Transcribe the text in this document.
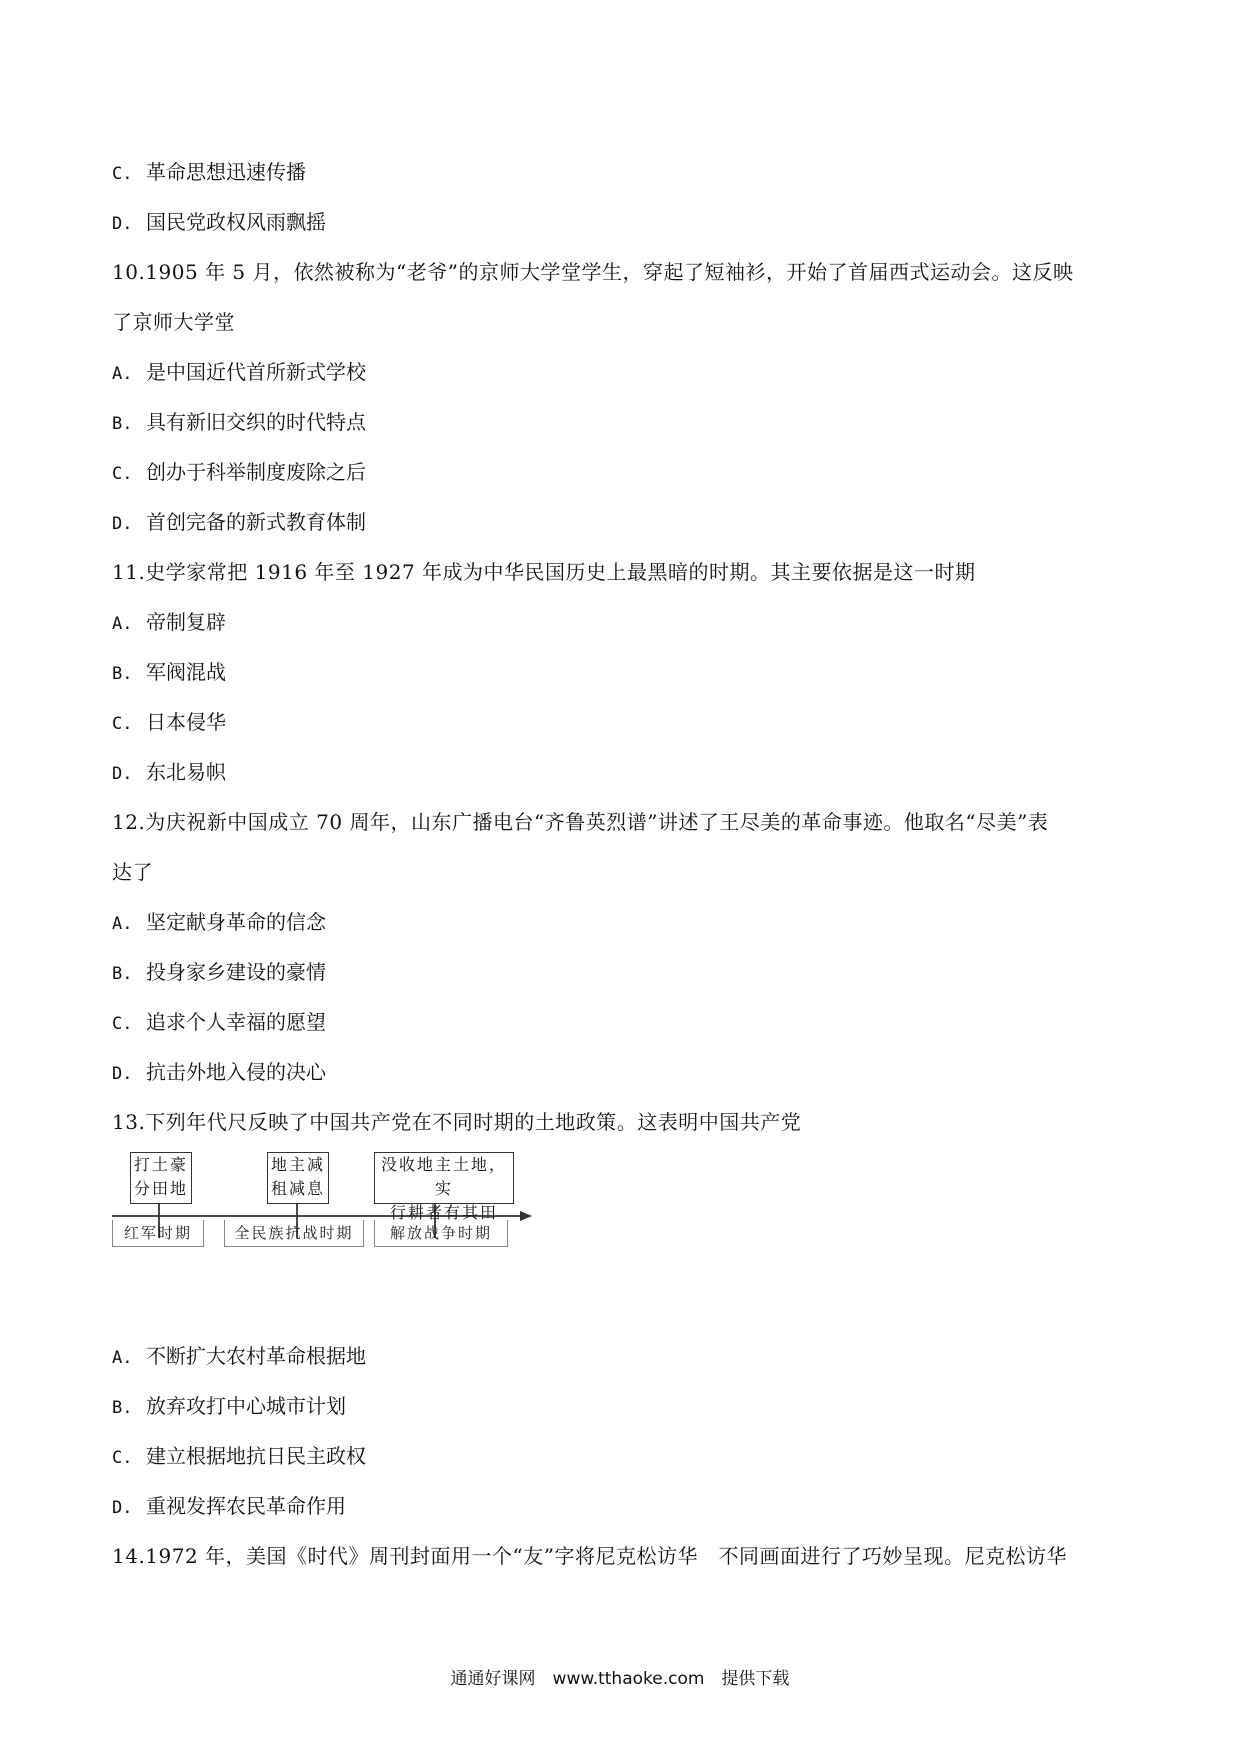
C. 革命思想迅速传播
D. 国民党政权风雨飘摇
10.1905 年 5 月，依然被称为“老爷”的京师大学堂学生，穿起了短袖衫，开始了首届西式运动会。这反映
了京师大学堂
A. 是中国近代首所新式学校
B. 具有新旧交织的时代特点
C. 创办于科举制度废除之后
D. 首创完备的新式教育体制
11.史学家常把 1916 年至 1927 年成为中华民国历史上最黑暗的时期。其主要依据是这一时期
A. 帝制复辟
B. 军阀混战
C. 日本侵华
D. 东北易帜
12.为庆祝新中国成立 70 周年，山东广播电台“齐鲁英烈谱”讲述了王尽美的革命事迹。他取名“尽美”表
达了
A. 坚定献身革命的信念
B. 投身家乡建设的豪情
C. 追求个人幸福的愿望
D. 抗击外地入侵的决心
13.下列年代尺反映了中国共产党在不同时期的土地政策。这表明中国共产党
打土豪
分田地
地主减
租减息
没收地主土地，实
行耕者有其田
红军时期	全民族抗战时期	解放战争时期
A. 不断扩大农村革命根据地
B. 放弃攻打中心城市计划
C. 建立根据地抗日民主政权
D. 重视发挥农民革命作用
14.1972 年，美国《时代》周刊封面用一个“友”字将尼克松访华　不同画面进行了巧妙呈现。尼克松访华
通通好课网　www.tthaoke.com　提供下载
